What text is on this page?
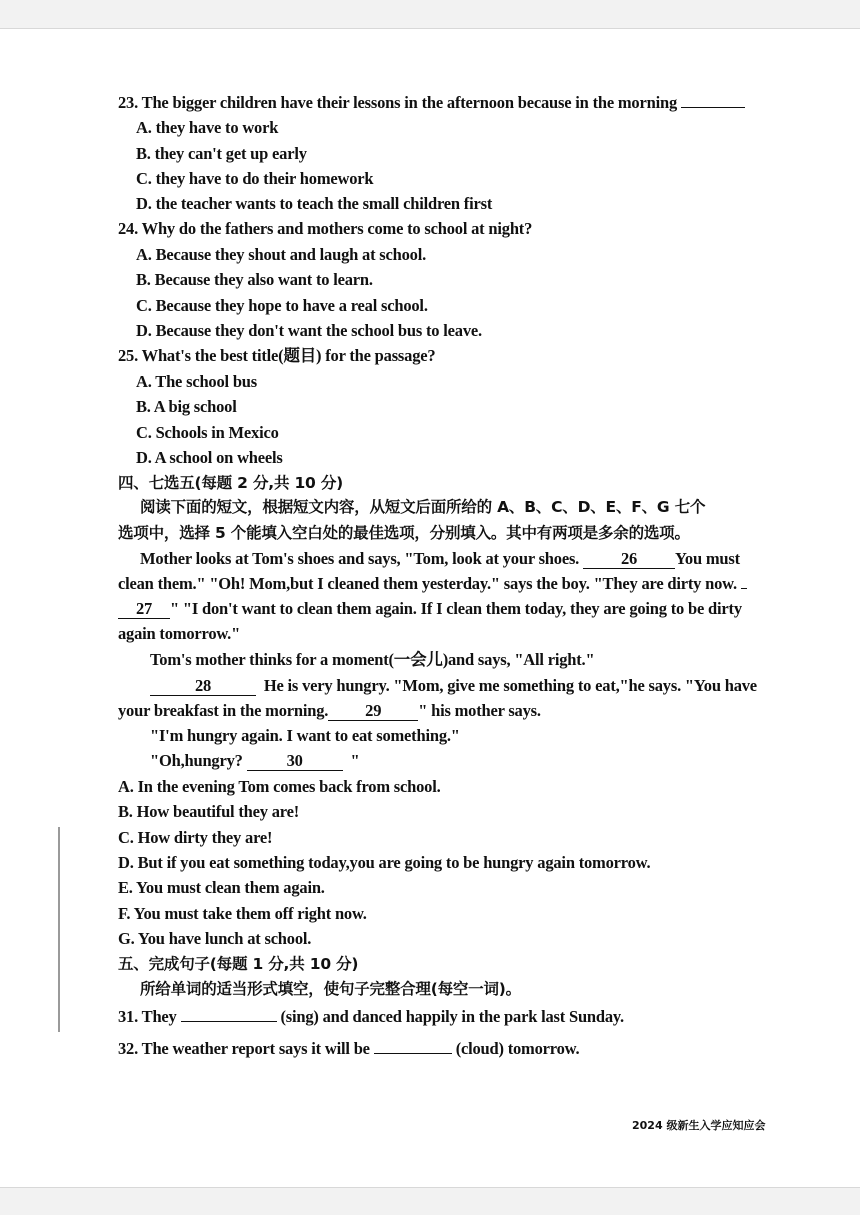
23. The bigger children have their lessons in the afternoon because in the morning
A. they have to work
B. they can't get up early
C. they have to do their homework
D. the teacher wants to teach the small children first
24. Why do the fathers and mothers come to school at night?
A. Because they shout and laugh at school.
B. Because they also want to learn.
C. Because they hope to have a real school.
D. Because they don't want the school bus to leave.
25. What's the best title(题目) for the passage?
A. The school bus
B. A big school
C. Schools in Mexico
D. A school on wheels
四、七选五(每题 2 分,共 10 分)
阅读下面的短文，根据短文内容，从短文后面所给的 A、B、C、D、E、F、G 七个
选项中，选择 5 个能填入空白处的最佳选项，分别填入。其中有两项是多余的选项。
Mother looks at Tom's shoes and says, "Tom, look at your shoes.	26 You must
clean them." "Oh! Mom,but I cleaned them yesterday." says the boy. "They are dirty now.
27 " "I don't want to clean them again. If I clean them today, they are going to be dirty
again tomorrow."
Tom's mother thinks for a moment(一会儿)and says, "All right."
28	He is very hungry. "Mom, give me something to eat,"he says. "You have
your breakfast in the morning. 29 " his mother says.
"I'm hungry again. I want to eat something."
"Oh,hungry?	30	"
A. In the evening Tom comes back from school.
B. How beautiful they are!
C. How dirty they are!
D. But if you eat something today,you are going to be hungry again tomorrow.
E. You must clean them again.
F. You must take them off right now.
G. You have lunch at school.
五、完成句子(每题 1 分,共 10 分)
所给单词的适当形式填空，使句子完整合理(每空一词)。
31. They	(sing) and danced happily in the park last Sunday.
32. The weather report says it will be	(cloud) tomorrow.
2024 级新生入学应知应会
